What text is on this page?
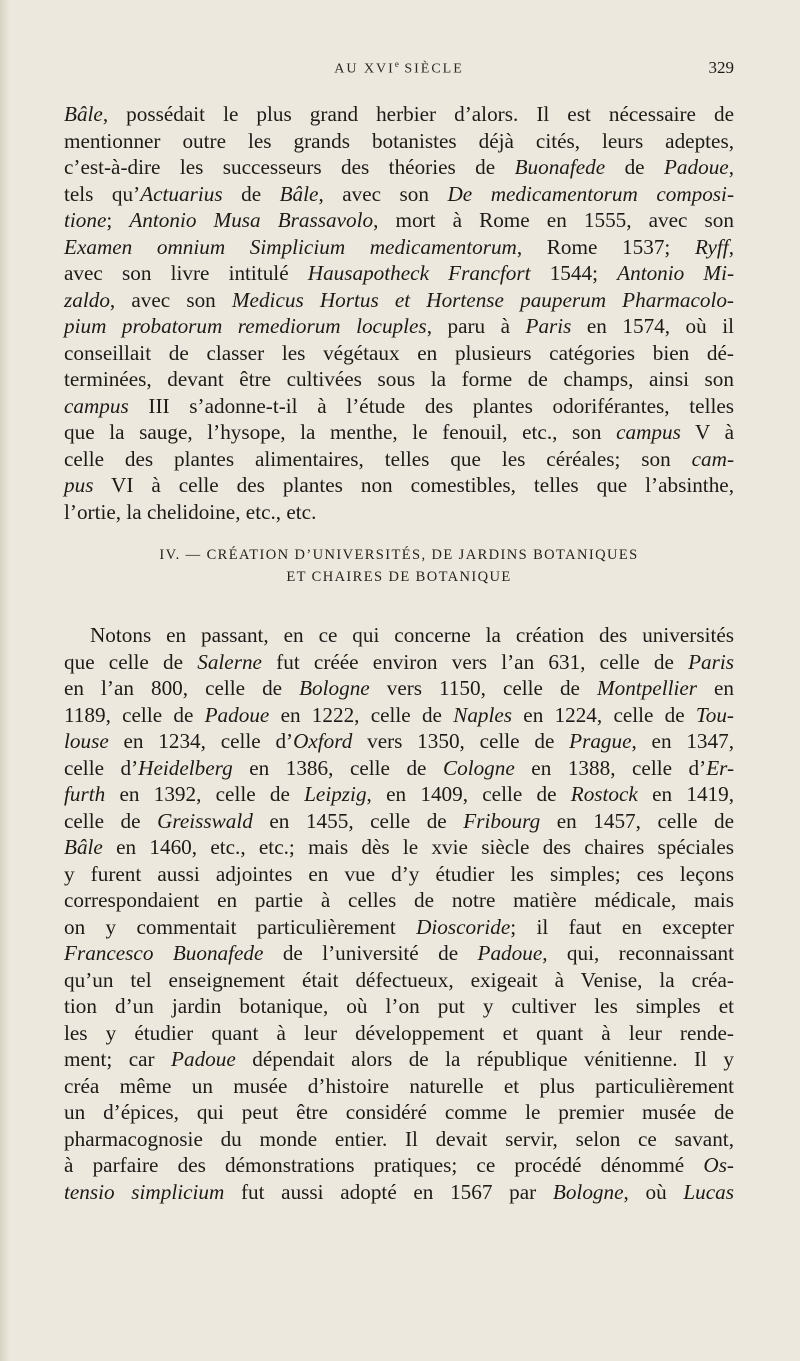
AU XVIe SIÈCLE	329
Bâle, possédait le plus grand herbier d’alors. Il est nécessaire de
mentionner outre les grands botanistes déjà cités, leurs adeptes,
c’est-à-dire les successeurs des théories de Buonafede de Padoue,
tels qu’Actuarius de Bâle, avec son De medicamentorum composi-
tione; Antonio Musa Brassavolo, mort à Rome en 1555, avec son
Examen omnium Simplicium medicamentorum, Rome 1537; Ryff,
avec son livre intitulé Hausapotheck Francfort 1544; Antonio Mi-
zaldo, avec son Medicus Hortus et Hortense pauperum Pharmacolo-
pium probatorum remediorum locuples, paru à Paris en 1574, où il
conseillait de classer les végétaux en plusieurs catégories bien dé-
terminées, devant être cultivées sous la forme de champs, ainsi son
campus III s’adonne-t-il à l’étude des plantes odoriférantes, telles
que la sauge, l’hysope, la menthe, le fenouil, etc., son campus V à
celle des plantes alimentaires, telles que les céréales; son cam-
pus VI à celle des plantes non comestibles, telles que l’absinthe,
l’ortie, la chelidoine, etc., etc.
IV. — CRÉATION D’UNIVERSITÉS, DE JARDINS BOTANIQUES
ET CHAIRES DE BOTANIQUE
Notons en passant, en ce qui concerne la création des universités
que celle de Salerne fut créée environ vers l’an 631, celle de Paris
en l’an 800, celle de Bologne vers 1150, celle de Montpellier en
1189, celle de Padoue en 1222, celle de Naples en 1224, celle de Tou-
louse en 1234, celle d’Oxford vers 1350, celle de Prague, en 1347,
celle d’Heidelberg en 1386, celle de Cologne en 1388, celle d’Er-
furth en 1392, celle de Leipzig, en 1409, celle de Rostock en 1419,
celle de Greisswald en 1455, celle de Fribourg en 1457, celle de
Bâle en 1460, etc., etc.; mais dès le xvie siècle des chaires spéciales
y furent aussi adjointes en vue d’y étudier les simples; ces leçons
correspondaient en partie à celles de notre matière médicale, mais
on y commentait particulièrement Dioscoride; il faut en excepter
Francesco Buonafede de l’université de Padoue, qui, reconnaissant
qu’un tel enseignement était défectueux, exigeait à Venise, la créa-
tion d’un jardin botanique, où l’on put y cultiver les simples et
les y étudier quant à leur développement et quant à leur rende-
ment; car Padoue dépendait alors de la république vénitienne. Il y
créa même un musée d’histoire naturelle et plus particulièrement
un d’épices, qui peut être considéré comme le premier musée de
pharmacognosie du monde entier. Il devait servir, selon ce savant,
à parfaire des démonstrations pratiques; ce procédé dénommé Os-
tensio simplicium fut aussi adopté en 1567 par Bologne, où Lucas
